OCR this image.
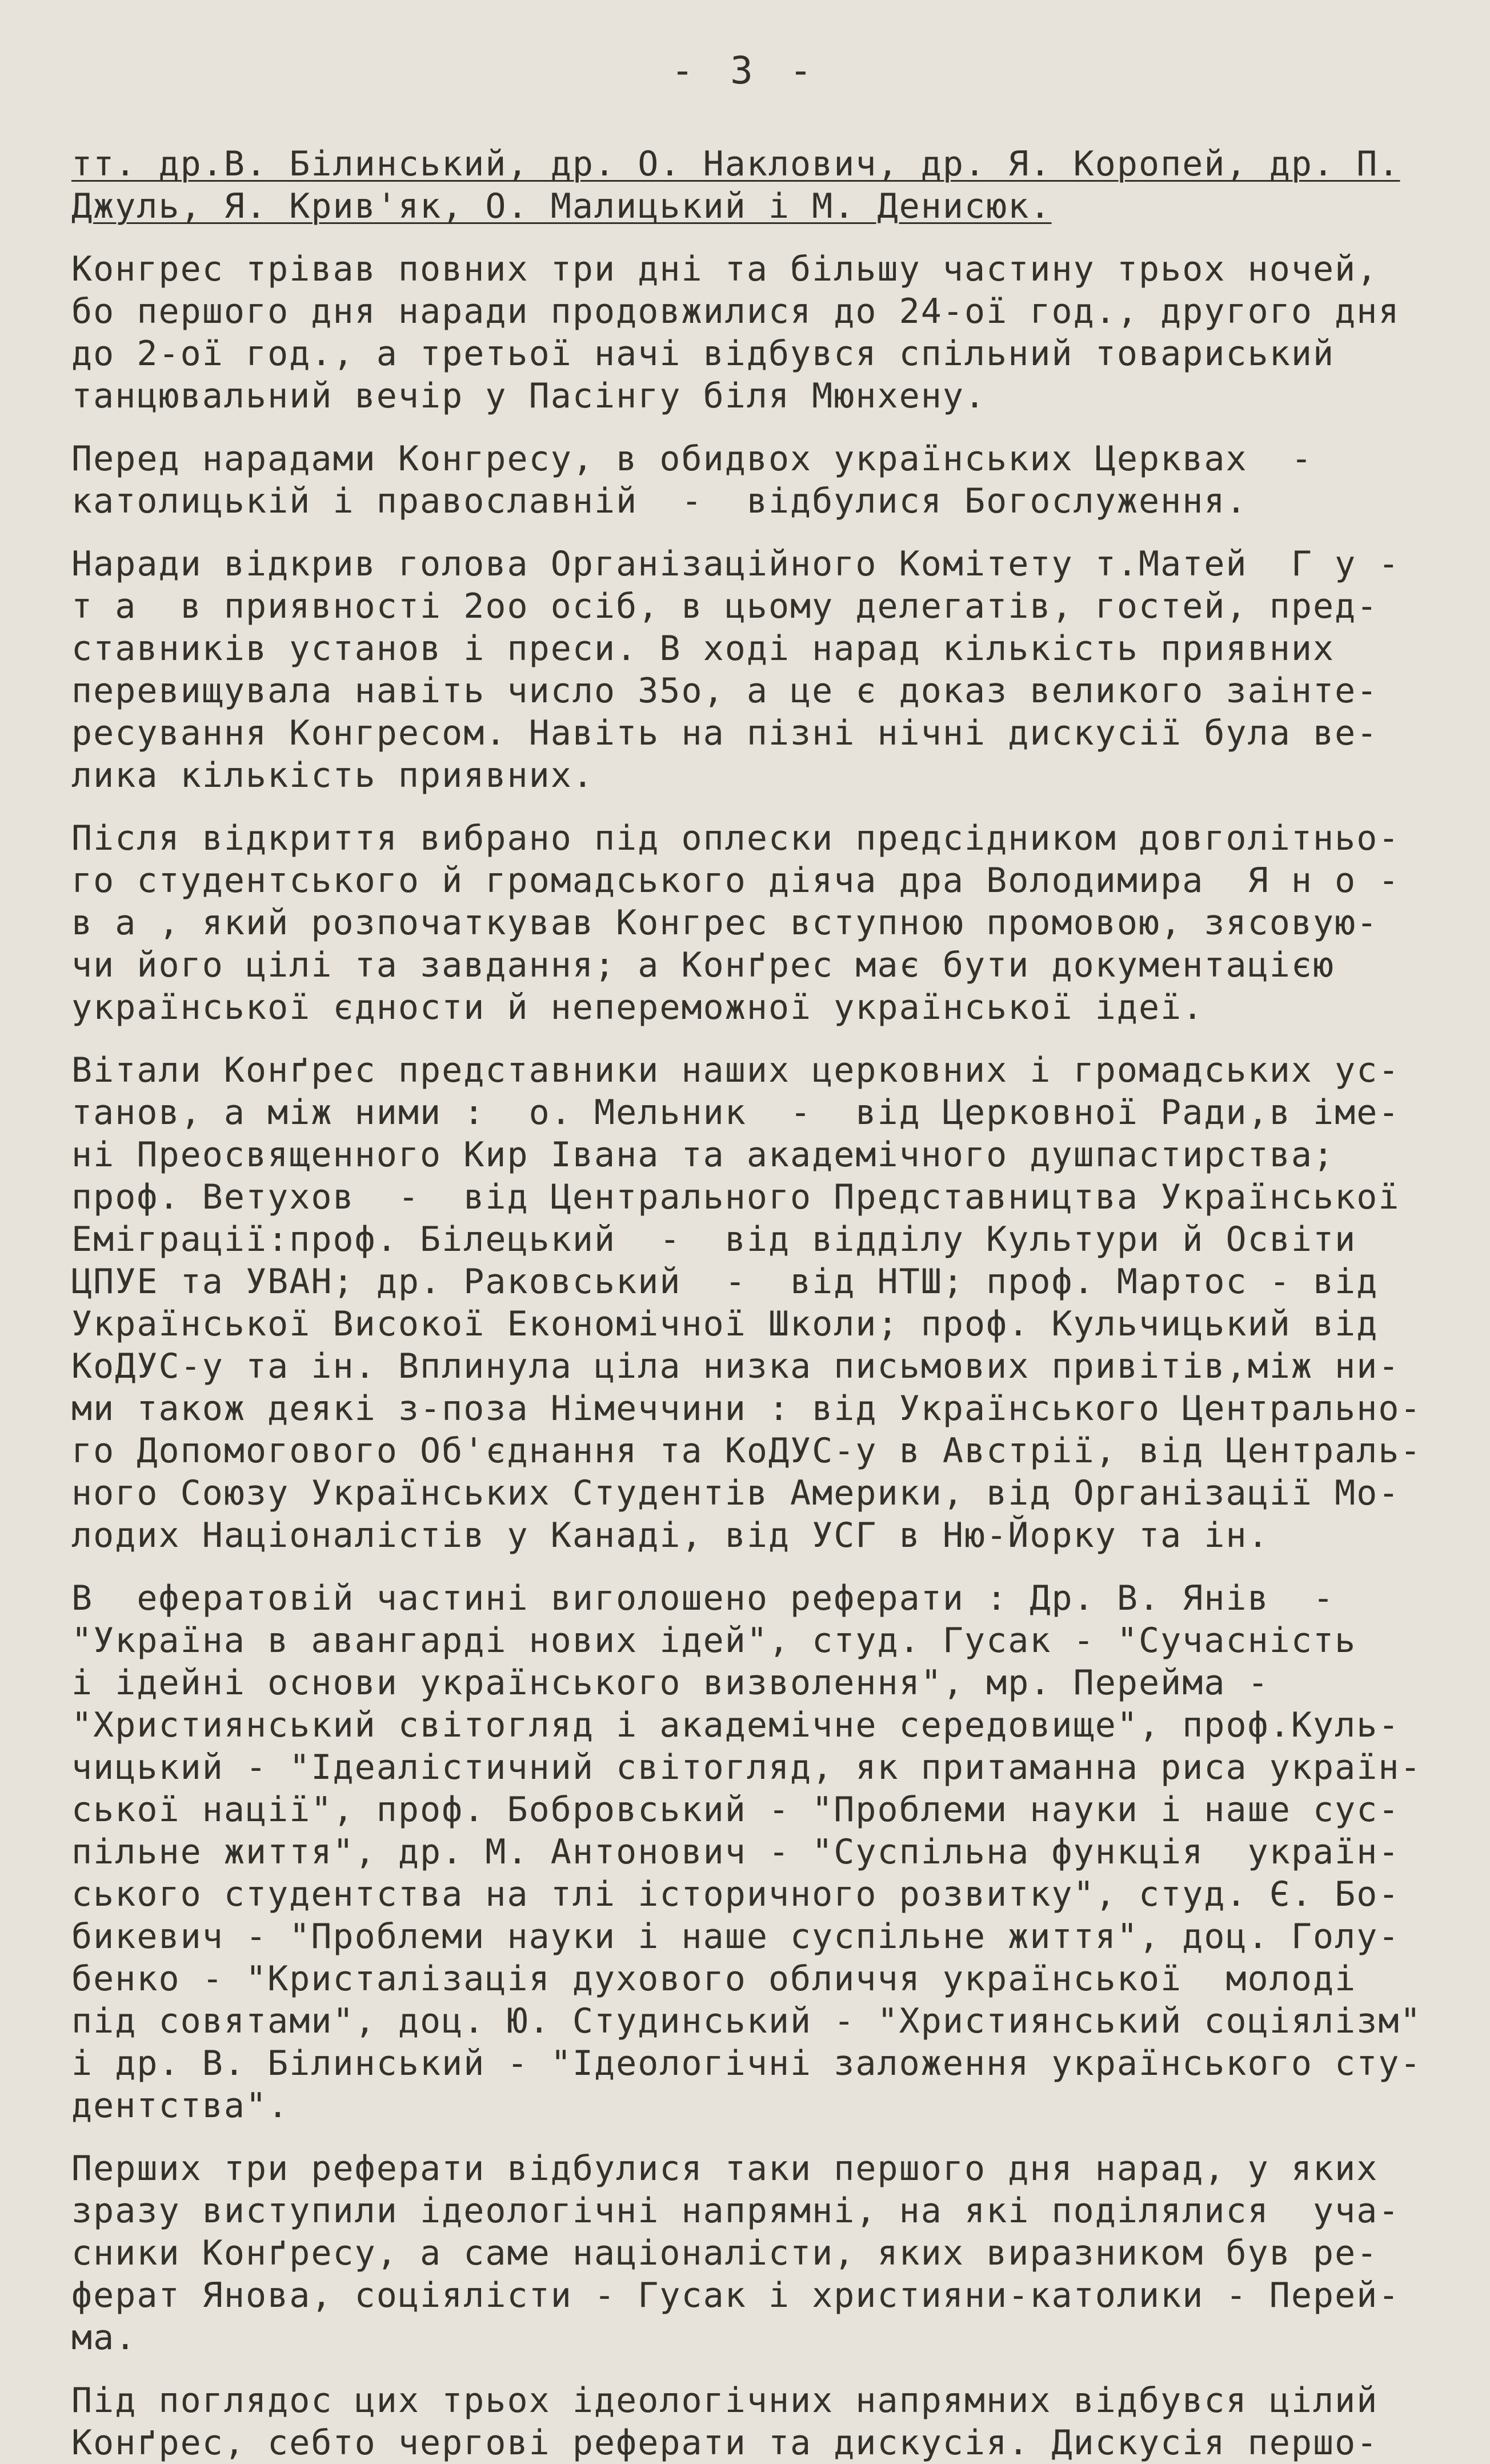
- 3 -
тт. др.В. Білинський, др. О. Наклович, др. Я. Коропей, др. П.
Джуль, Я. Крив'як, О. Малицький і М. Денисюк.
Конгрес трівав повних три дні та більшу частину трьох ночей,
бо першого дня наради продовжилися до 24-ої год., другого дня
до 2-ої год., а третьої начі відбувся спільний товариський
танцювальний вечір у Пасінгу біля Мюнхену.
Перед нарадами Конгресу, в обидвох українських Церквах  -
католицькій і православній  -  відбулися Богослуження.
Наради відкрив голова Організаційного Комітету т.Матей  Г у -
т а  в приявності 2оо осіб, в цьому делегатів, гостей, пред-
ставників установ і преси. В ході нарад кількість приявних
перевищувала навіть число 35о, а це є доказ великого заінте-
ресування Конгресом. Навіть на пізні нічні дискусії була ве-
лика кількість приявних.
Після відкриття вибрано під оплески предсідником довголітньо-
го студентського й громадського діяча дра Володимира  Я н о -
в а , який розпочаткував Конгрес вступною промовою, зясовую-
чи його цілі та завдання; а Конґрес має бути документацією
української єдности й непереможної української ідеї.
Вітали Конґрес представники наших церковних і громадських ус-
танов, а між ними :  о. Мельник  -  від Церковної Ради,в іме-
ні Преосвященного Кир Івана та академічного душпастирства;
проф. Ветухов  -  від Центрального Представництва Української
Еміграції:проф. Білецький  -  від відділу Культури й Освіти
ЦПУЕ та УВАН; др. Раковський  -  від НТШ; проф. Мартос - від
Української Високої Економічної Школи; проф. Кульчицький від
КоДУС-у та ін. Вплинула ціла низка письмових привітів,між ни-
ми також деякі з-поза Німеччини : від Українського Центрально-
го Допомогового Об'єднання та КоДУС-у в Австрії, від Централь-
ного Союзу Українських Студентів Америки, від Організації Мо-
лодих Націоналістів у Канаді, від УСГ в Ню-Йорку та ін.
В  ефератовій частині виголошено реферати : Др. В. Янів  -
"Україна в авангарді нових ідей", студ. Гусак - "Сучасність
і ідейні основи українського визволення", мр. Перейма -
"Християнський світогляд і академічне середовище", проф.Куль-
чицький - "Ідеалістичний світогляд, як притаманна риса україн-
ської нації", проф. Бобровський - "Проблеми науки і наше сус-
пільне життя", др. М. Антонович - "Суспільна функція  україн-
ського студентства на тлі історичного розвитку", студ. Є. Бо-
бикевич - "Проблеми науки і наше суспільне життя", доц. Голу-
бенко - "Кристалізація духового обличчя української  молоді
під совятами", доц. Ю. Студинський - "Християнський соціялізм"
і др. В. Білинський - "Ідеологічні заложення українського сту-
дентства".
Перших три реферати відбулися таки першого дня нарад, у яких
зразу виступили ідеологічні напрямні, на які поділялися  уча-
сники Конґресу, а саме націоналісти, яких виразником був ре-
ферат Янова, соціялісти - Гусак і християни-католики - Перей-
ма.
Під поглядос цих трьох ідеологічних напрямних відбувся цілий
Конґрес, себто чергові реферати та дискусія. Дискусія першо-
